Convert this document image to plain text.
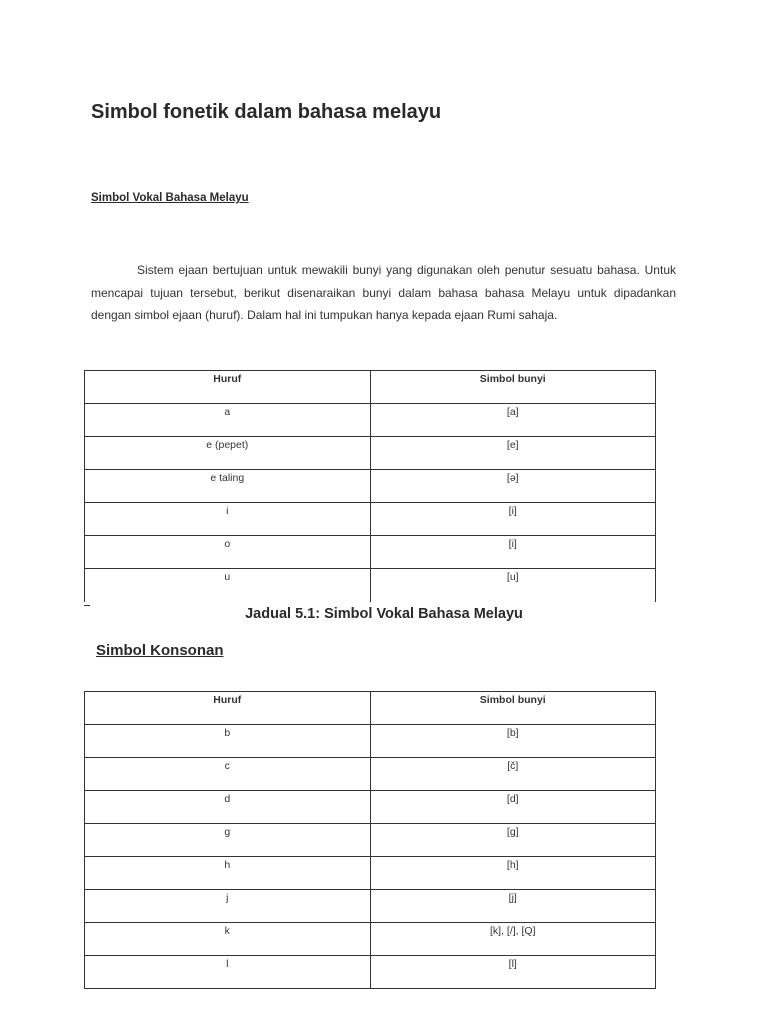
Simbol fonetik dalam bahasa melayu
Simbol Vokal Bahasa Melayu

Sistem ejaan bertujuan untuk mewakili bunyi yang digunakan oleh penutur sesuatu bahasa. Untuk mencapai tujuan tersebut, berikut disenaraikan bunyi dalam bahasa bahasa Melayu untuk dipadankan dengan simbol ejaan (huruf). Dalam hal ini tumpukan hanya kepada ejaan Rumi sahaja.

Huruf	Simbol bunyi

a	[a]

e (pepet)	[e]

e taling	[ə]

i	[i]

o	[i]

u	[u]

Jadual 5.1: Simbol Vokal Bahasa Melayu

Simbol Konsonan
Huruf	Simbol bunyi

b	[b]

c	[č]

d	[d]

g	[g]

h	[h]

j	[j]

k	[k], [/], [Q]

l	[l]
